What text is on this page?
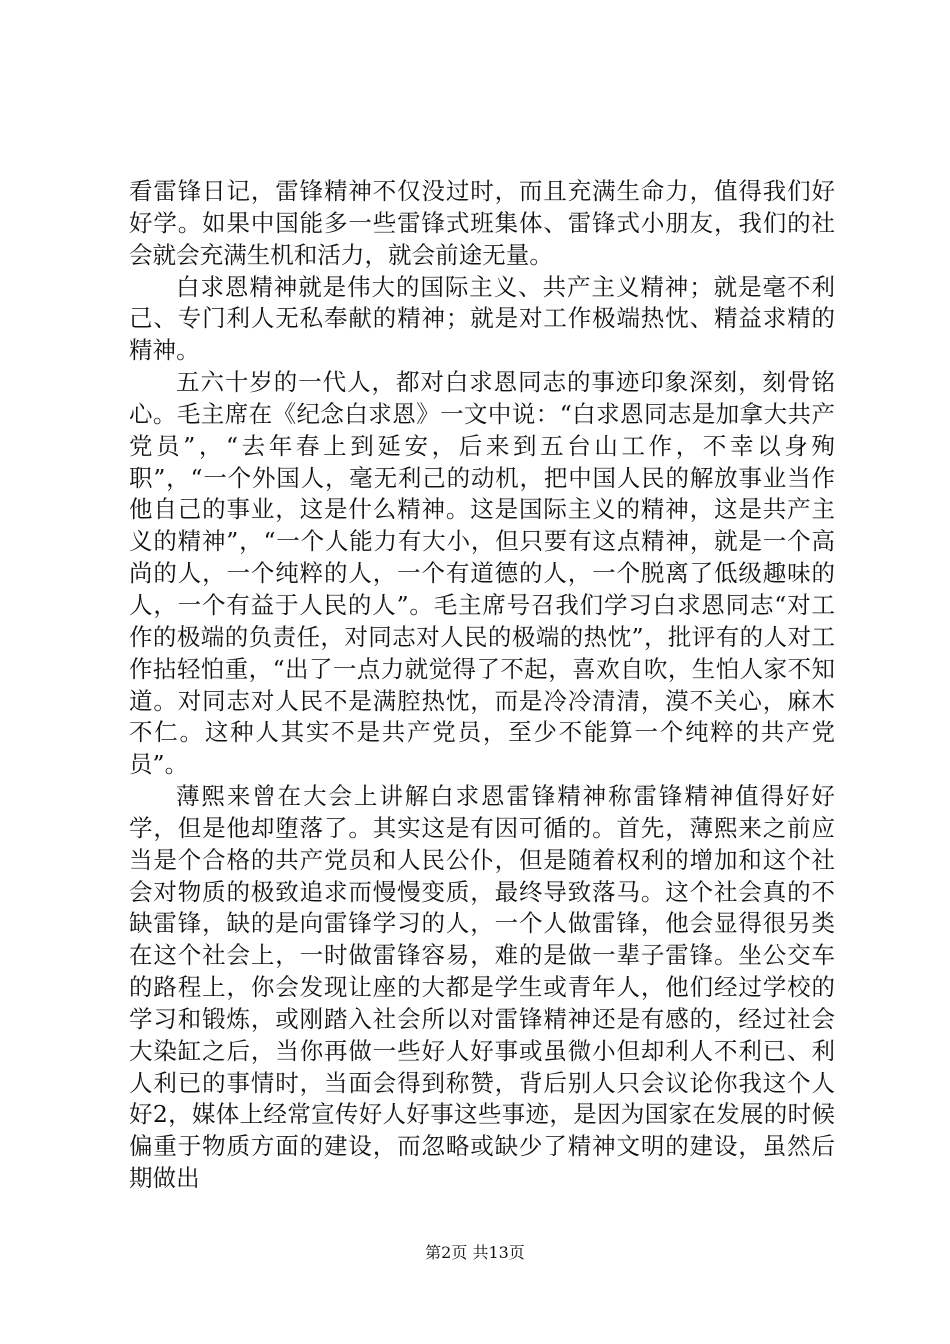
看雷锋日记，雷锋精神不仅没过时，而且充满生命力，值得我们好好学。如果中国能多一些雷锋式班集体、雷锋式小朋友，我们的社会就会充满生机和活力，就会前途无量。

白求恩精神就是伟大的国际主义、共产主义精神；就是毫不利己、专门利人无私奉献的精神；就是对工作极端热忱、精益求精的精神。

五六十岁的一代人，都对白求恩同志的事迹印象深刻，刻骨铭心。毛主席在《纪念白求恩》一文中说：“白求恩同志是加拿大共产党员”，“去年春上到延安，后来到五台山工作，不幸以身殉职”，“一个外国人，毫无利己的动机，把中国人民的解放事业当作他自己的事业，这是什么精神。这是国际主义的精神，这是共产主义的精神”，“一个人能力有大小，但只要有这点精神，就是一个高尚的人，一个纯粹的人，一个有道德的人，一个脱离了低级趣味的人，一个有益于人民的人”。毛主席号召我们学习白求恩同志“对工作的极端的负责任，对同志对人民的极端的热忱”，批评有的人对工作拈轻怕重，“出了一点力就觉得了不起，喜欢自吹，生怕人家不知道。对同志对人民不是满腔热忱，而是冷冷清清，漠不关心，麻木不仁。这种人其实不是共产党员，至少不能算一个纯粹的共产党员”。

薄熙来曾在大会上讲解白求恩雷锋精神称雷锋精神值得好好学，但是他却堕落了。其实这是有因可循的。首先，薄熙来之前应当是个合格的共产党员和人民公仆，但是随着权利的增加和这个社会对物质的极致追求而慢慢变质，最终导致落马。这个社会真的不缺雷锋，缺的是向雷锋学习的人，一个人做雷锋，他会显得很另类在这个社会上，一时做雷锋容易，难的是做一辈子雷锋。坐公交车的路程上，你会发现让座的大都是学生或青年人，他们经过学校的学习和锻炼，或刚踏入社会所以对雷锋精神还是有感的，经过社会大染缸之后，当你再做一些好人好事或虽微小但却利人不利已、利人利已的事情时，当面会得到称赞，背后别人只会议论你我这个人好2，媒体上经常宣传好人好事这些事迹，是因为国家在发展的时候偏重于物质方面的建设，而忽略或缺少了精神文明的建设，虽然后期做出

第2页 共13页
